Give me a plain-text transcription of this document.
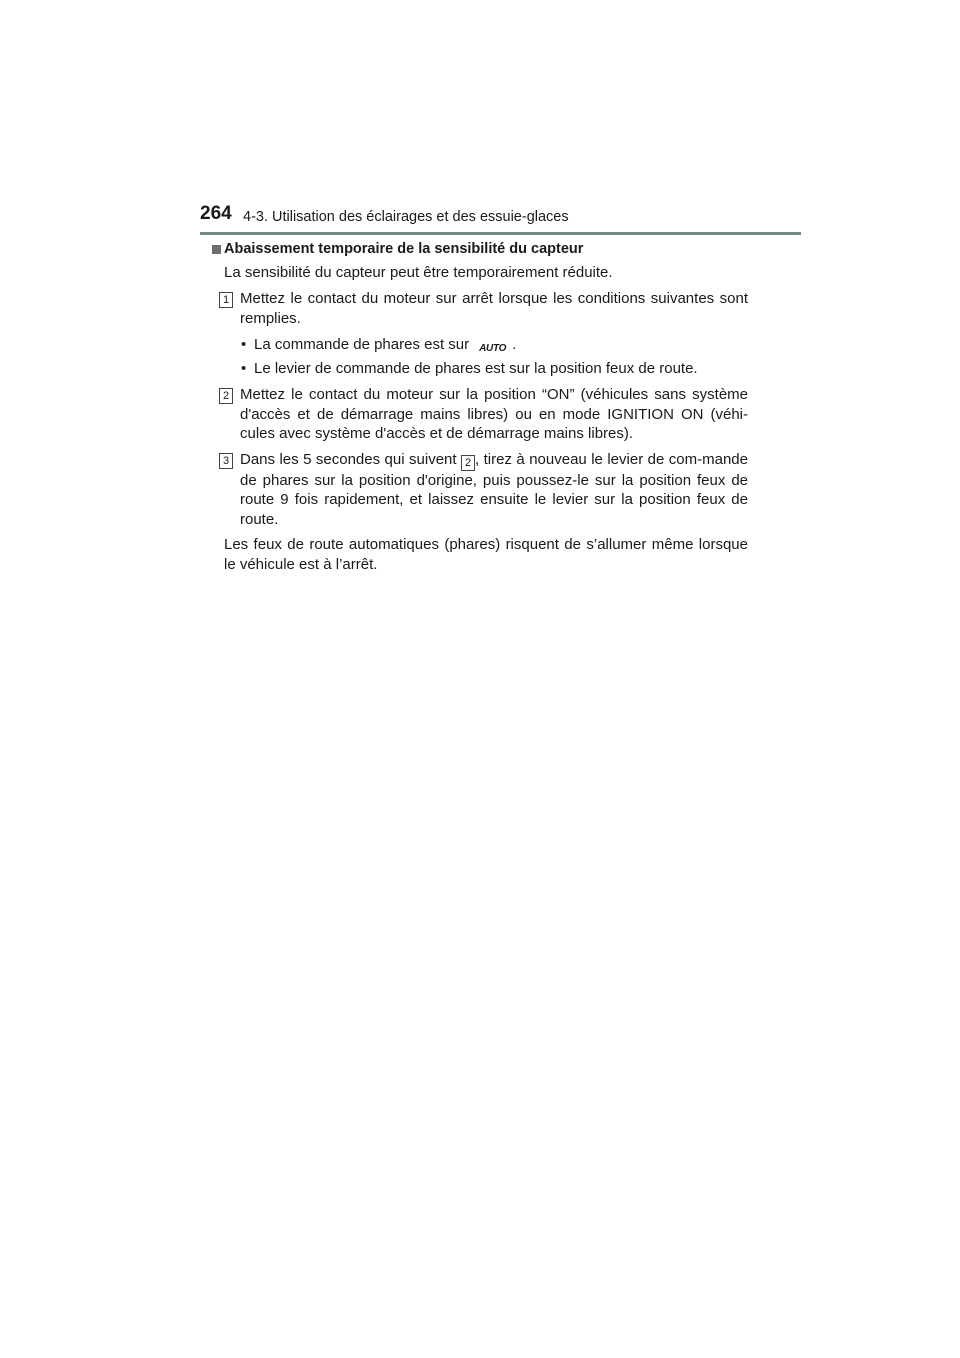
264 4-3. Utilisation des éclairages et des essuie-glaces
Abaissement temporaire de la sensibilité du capteur
La sensibilité du capteur peut être temporairement réduite.
1 Mettez le contact du moteur sur arrêt lorsque les conditions suivantes sont remplies.
• La commande de phares est sur AUTO .
• Le levier de commande de phares est sur la position feux de route.
2 Mettez le contact du moteur sur la position “ON” (véhicules sans système d'accès et de démarrage mains libres) ou en mode IGNITION ON (véhi-cules avec système d'accès et de démarrage mains libres).
3 Dans les 5 secondes qui suivent 2 , tirez à nouveau le levier de com-mande de phares sur la position d'origine, puis poussez-le sur la position feux de route 9 fois rapidement, et laissez ensuite le levier sur la position feux de route.
Les feux de route automatiques (phares) risquent de s’allumer même lorsque le véhicule est à l’arrêt.
